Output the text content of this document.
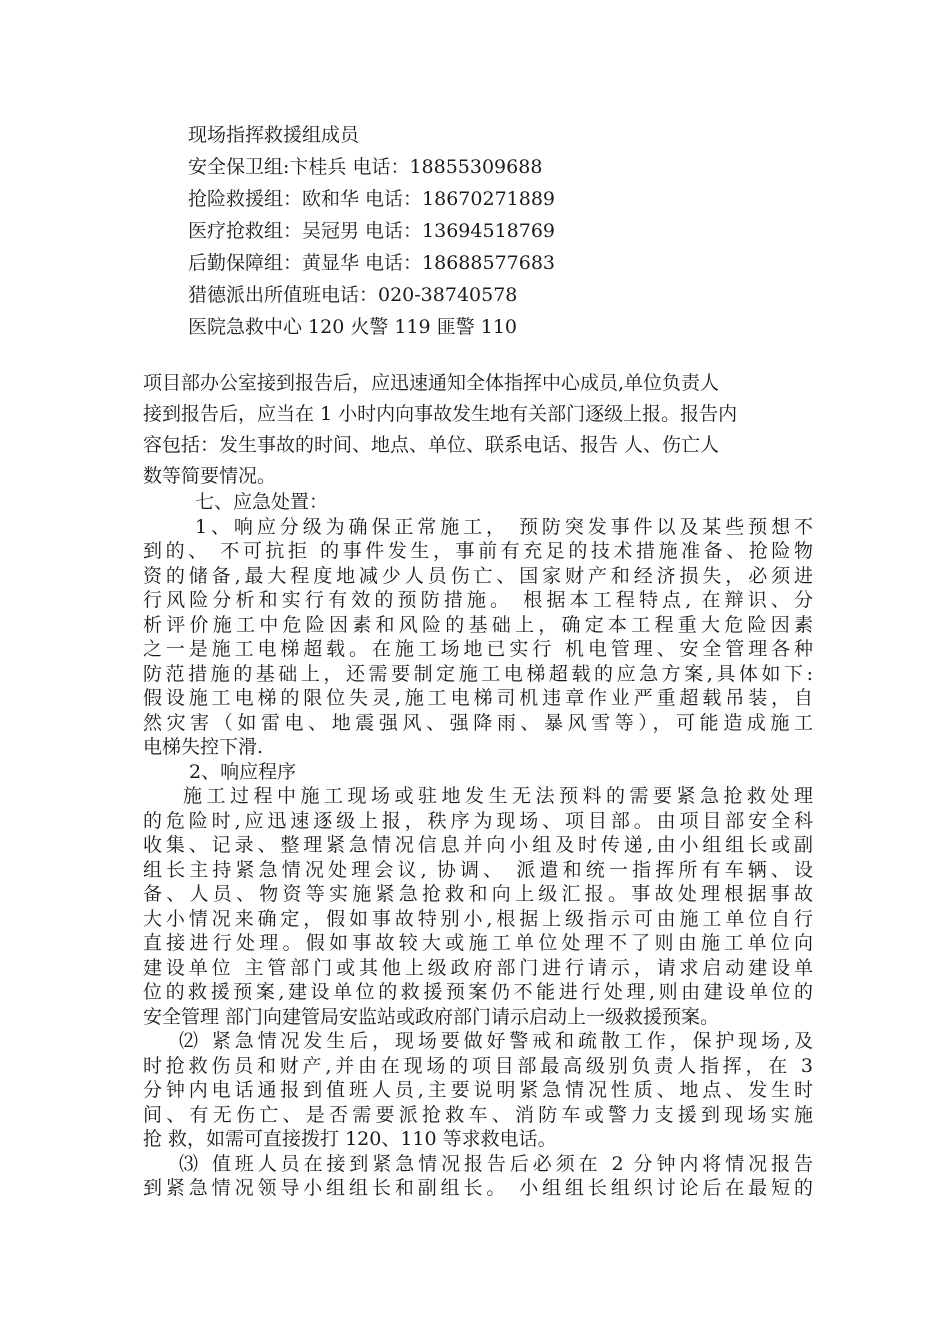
现场指挥救援组成员
安全保卫组:卞桂兵 电话：18855309688
抢险救援组：欧和华 电话：18670271889
医疗抢救组：吴冠男 电话：13694518769
后勤保障组：黄显华 电话：18688577683
猎德派出所值班电话：020-38740578
医院急救中心 120 火警 119 匪警 110
项目部办公室接到报告后，应迅速通知全体指挥中心成员,单位负责人
接到报告后，应当在 1 小时内向事故发生地有关部门逐级上报。报告内
容包括：发生事故的时间、地点、单位、联系电话、报告 人、伤亡人
数等简要情况。
七、应急处置：
1、响应分级为确保正常施工， 预防突发事件以及某些预想不
到的、 不可抗拒 的事件发生，事前有充足的技术措施准备、抢险物
资的储备,最大程度地减少人员伤亡、国家财产和经济损失，必须进
行风险分析和实行有效的预防措施。 根据本工程特点, 在辩识、分
析评价施工中危险因素和风险的基础上，确定本工程重大危险因素
之一是施工电梯超载。在施工场地已实行 机电管理、安全管理各种
防范措施的基础上，还需要制定施工电梯超载的应急方案,具体如下:
假设施工电梯的限位失灵,施工电梯司机违章作业严重超载吊装，自
然灾害（如雷电、地震强风、强降雨、暴风雪等），可能造成施工
电梯失控下滑.
2、响应程序
施工过程中施工现场或驻地发生无法预料的需要紧急抢救处理
的危险时,应迅速逐级上报，秩序为现场、项目部。由项目部安全科
收集、记录、整理紧急情况信息并向小组及时传递,由小组组长或副
组长主持紧急情况处理会议, 协调、 派遣和统一指挥所有车辆、设
备、人员、物资等实施紧急抢救和向上级汇报。事故处理根据事故
大小情况来确定，假如事故特别小,根据上级指示可由施工单位自行
直接进行处理。假如事故较大或施工单位处理不了则由施工单位向
建设单位 主管部门或其他上级政府部门进行请示，请求启动建设单
位的救援预案,建设单位的救援预案仍不能进行处理,则由建设单位的
安全管理 部门向建管局安监站或政府部门请示启动上一级救援预案。
⑵ 紧急情况发生后，现场要做好警戒和疏散工作，保护现场,及
时抢救伤员和财产,并由在现场的项目部最高级别负责人指挥，在 3
分钟内电话通报到值班人员,主要说明紧急情况性质、地点、发生时
间、有无伤亡、是否需要派抢救车、消防车或警力支援到现场实施
抢 救，如需可直接拨打 120、110 等求救电话。
⑶ 值班人员在接到紧急情况报告后必须在 2 分钟内将情况报告
到紧急情况领导小组组长和副组长。 小组组长组织讨论后在最短的
